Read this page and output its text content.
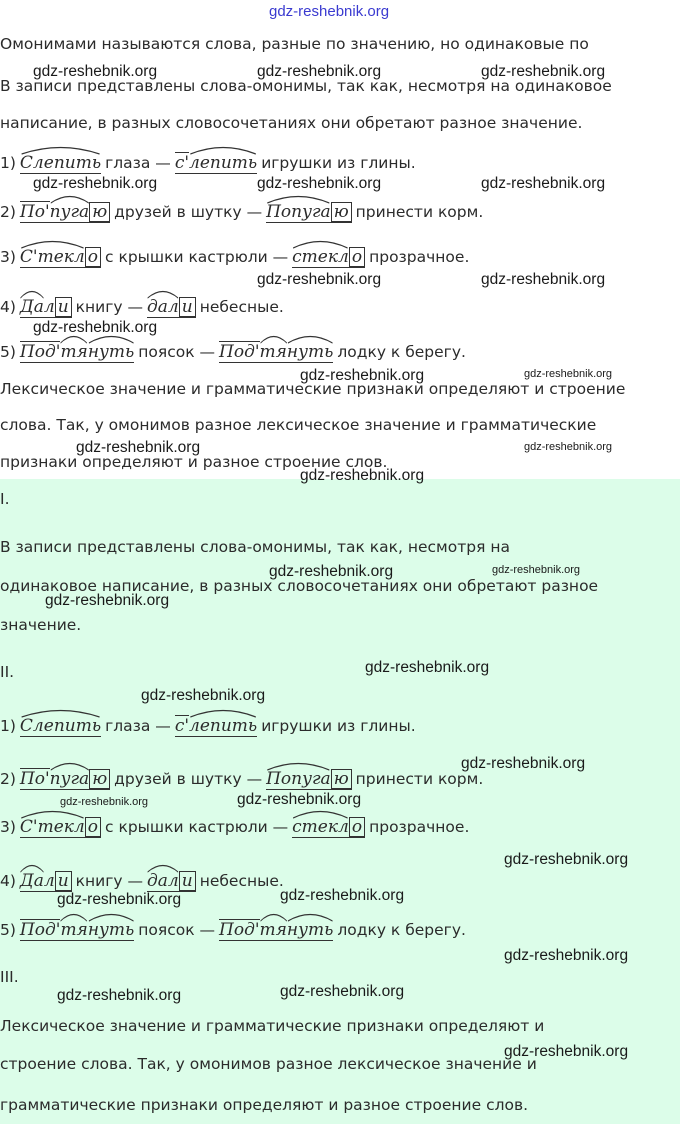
gdz-reshebnik.org
Омонимами называются слова, разные по значению, но одинаковые по
В записи представлены слова-омонимы, так как, несмотря на одинаковое
написание, в разных словосочетаниях они обретают разное значение.
1) Слепить глаза — с'
лепить игрушки из глины.
2) По'
пуга ю друзей в шутку — Попуга ю принести корм.
3) С'текл о с крышки кастрюли — стекл о прозрачное.
4) Дал и книгу — дал и небесные.
5) Под'
тя
нуть поясок — Под'
тя
нуть лодку к берегу.
Лексическое значение и грамматические признаки определяют и строение
слова. Так, у омонимов разное лексическое значение и грамматические
признаки определяют и разное строение слов.
I.
В записи представлены слова-омонимы, так как, несмотря на
одинаковое написание, в разных словосочетаниях они обретают разное
значение.
II.
1) Слепить глаза — с'
лепить игрушки из глины.
2) По'
пуга ю друзей в шутку — Попуга ю принести корм.
3) С'текл о с крышки кастрюли — стекл о прозрачное.
4) Дал и книгу — дал и небесные.
5) Под'
тя
нуть поясок — Под'
тя
нуть лодку к берегу.
III.
Лексическое значение и грамматические признаки определяют и
строение слова. Так, у омонимов разное лексическое значение и
грамматические признаки определяют и разное строение слов.
gdz-reshebnik.org	gdz-reshebnik.org	gdz-reshebnik.org
gdz-reshebnik.org	gdz-reshebnik.org	gdz-reshebnik.org
gdz-reshebnik.org	gdz-reshebnik.org
gdz-reshebnik.org
gdz-reshebnik.org	gdz-reshebnik.org
gdz-reshebnik.org	gdz-reshebnik.org
gdz-reshebnik.org
gdz-reshebnik.org	gdz-reshebnik.org
gdz-reshebnik.org
gdz-reshebnik.org
gdz-reshebnik.org
gdz-reshebnik.org
gdz-reshebnik.org	gdz-reshebnik.org
gdz-reshebnik.org
gdz-reshebnik.org	gdz-reshebnik.org
gdz-reshebnik.org
gdz-reshebnik.org	gdz-reshebnik.org
gdz-reshebnik.org
